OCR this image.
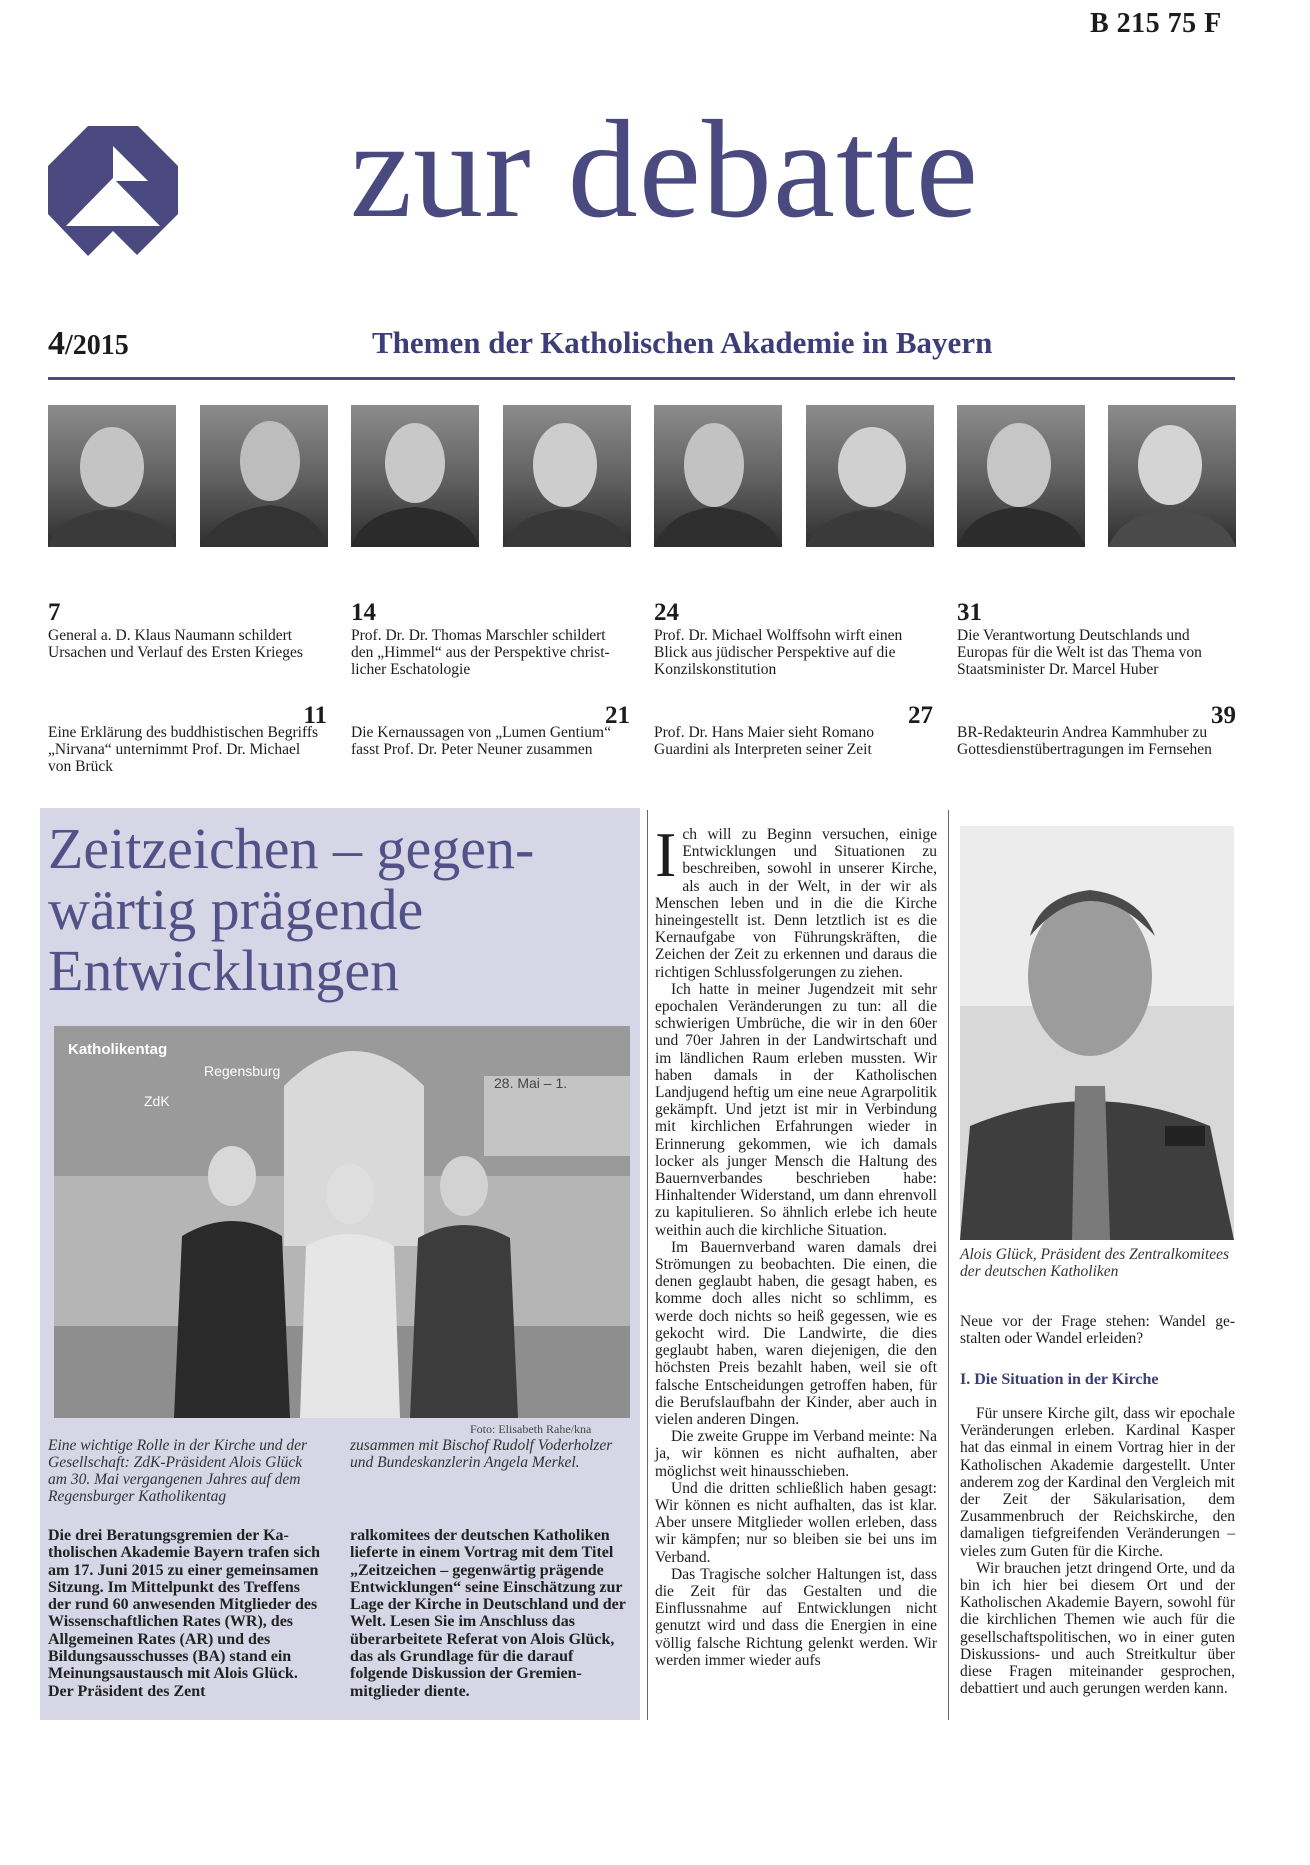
B 215 75 F
zur debatte
4/2015	Themen der Katholischen Akademie in Bayern
7
General a. D. Klaus Naumann schildert Ursachen und Verlauf des Ersten Krieges
14
Prof. Dr. Dr. Thomas Marschler schildert den „Himmel“ aus der Perspektive christlicher Eschatologie
24
Prof. Dr. Michael Wolffsohn wirft einen Blick aus jüdischer Perspektive auf die Konzilskonstitution
31
Die Verantwortung Deutschlands und Europas für die Welt ist das Thema von Staatsminister Dr. Marcel Huber
11
Eine Erklärung des buddhistischen Begriffs „Nirvana“ unternimmt Prof. Dr. Michael von Brück
21
Die Kernaussagen von „Lumen Gentium“ fasst Prof. Dr. Peter Neuner zusammen
27
Prof. Dr. Hans Maier sieht Romano Guardini als Interpreten seiner Zeit
39
BR-Redakteurin Andrea Kammhuber zu Gottesdienstübertragungen im Fernsehen
Zeitzeichen – gegenwärtig prägende Entwicklungen
Katholikentag
Regensburg
ZdK
28. Mai – 1.
Foto: Elisabeth Rahe/kna
Eine wichtige Rolle in der Kirche und der Gesellschaft: ZdK-Präsident Alois Glück am 30. Mai vergangenen Jahres auf dem Regensburger Katholikentag
zusammen mit Bischof Rudolf Voderholzer und Bundeskanzlerin Angela Merkel.
Die drei Beratungsgremien der Katholischen Akademie Bayern trafen sich am 17. Juni 2015 zu einer gemeinsamen Sitzung. Im Mittelpunkt des Treffens der rund 60 anwesenden Mitglieder des Wissenschaftlichen Rates (WR), des Allgemeinen Rates (AR) und des Bildungsausschusses (BA) stand ein Meinungsaustausch mit Alois Glück. Der Präsident des Zent
ralkomitees der deutschen Katholiken lieferte in einem Vortrag mit dem Titel „Zeitzeichen – gegenwärtig prägende Entwicklungen“ seine Einschätzung zur Lage der Kirche in Deutschland und der Welt. Lesen Sie im Anschluss das überarbeitete Referat von Alois Glück, das als Grundlage für die darauf folgende Diskussion der Gremienmitglieder diente.

Ich will zu Beginn versuchen, einige Entwicklungen und Situationen zu beschreiben, sowohl in unserer Kirche, als auch in der Welt, in der wir als Menschen leben und in die die Kirche hineingestellt ist. Denn letztlich ist es die Kernaufgabe von Führungskräften, die Zeichen der Zeit zu erkennen und daraus die richtigen Schlussfolgerungen zu ziehen.

Ich hatte in meiner Jugendzeit mit sehr epochalen Veränderungen zu tun: all die schwierigen Umbrüche, die wir in den 60er und 70er Jahren in der Landwirtschaft und im ländlichen Raum erleben mussten. Wir haben damals in der Katholischen Landjugend heftig um eine neue Agrarpolitik gekämpft. Und jetzt ist mir in Verbindung mit kirchlichen Erfahrungen wieder in Erinnerung gekommen, wie ich damals locker als junger Mensch die Haltung des Bauernverbandes beschrieben habe: Hinhaltender Widerstand, um dann ehrenvoll zu kapitulieren. So ähnlich erlebe ich heute weithin auch die kirchliche Situation.

Im Bauernverband waren damals drei Strömungen zu beobachten. Die einen, die denen geglaubt haben, die gesagt haben, es komme doch alles nicht so schlimm, es werde doch nichts so heiß gegessen, wie es gekocht wird. Die Landwirte, die dies geglaubt haben, waren diejenigen, die den höchsten Preis bezahlt haben, weil sie oft falsche Entscheidungen getroffen haben, für die Berufslaufbahn der Kinder, aber auch in vielen anderen Dingen.

Die zweite Gruppe im Verband meinte: Na ja, wir können es nicht aufhalten, aber möglichst weit hinausschieben.

Und die dritten schließlich haben gesagt: Wir können es nicht aufhalten, das ist klar. Aber unsere Mitglieder wollen erleben, dass wir kämpfen; nur so bleiben sie bei uns im Verband.

Das Tragische solcher Haltungen ist, dass die Zeit für das Gestalten und die Einflussnahme auf Entwicklungen nicht genutzt wird und dass die Energien in eine völlig falsche Richtung gelenkt werden. Wir werden immer wieder aufs

Alois Glück, Präsident des Zentralkomitees der deutschen Katholiken
Neue vor der Frage stehen: Wandel gestalten oder Wandel erleiden?
I. Die Situation in der Kirche

Für unsere Kirche gilt, dass wir epochale Veränderungen erleben. Kardinal Kasper hat das einmal in einem Vortrag hier in der Katholischen Akademie dargestellt. Unter anderem zog der Kardinal den Vergleich mit der Zeit der Säkularisation, dem Zusammenbruch der Reichskirche, den damaligen tiefgreifenden Veränderungen – vieles zum Guten für die Kirche.

Wir brauchen jetzt dringend Orte, und da bin ich hier bei diesem Ort und der Katholischen Akademie Bayern, sowohl für die kirchlichen Themen wie auch für die gesellschaftspolitischen, wo in einer guten Diskussions- und auch Streitkultur über diese Fragen miteinander gesprochen, debattiert und auch gerungen werden kann.
